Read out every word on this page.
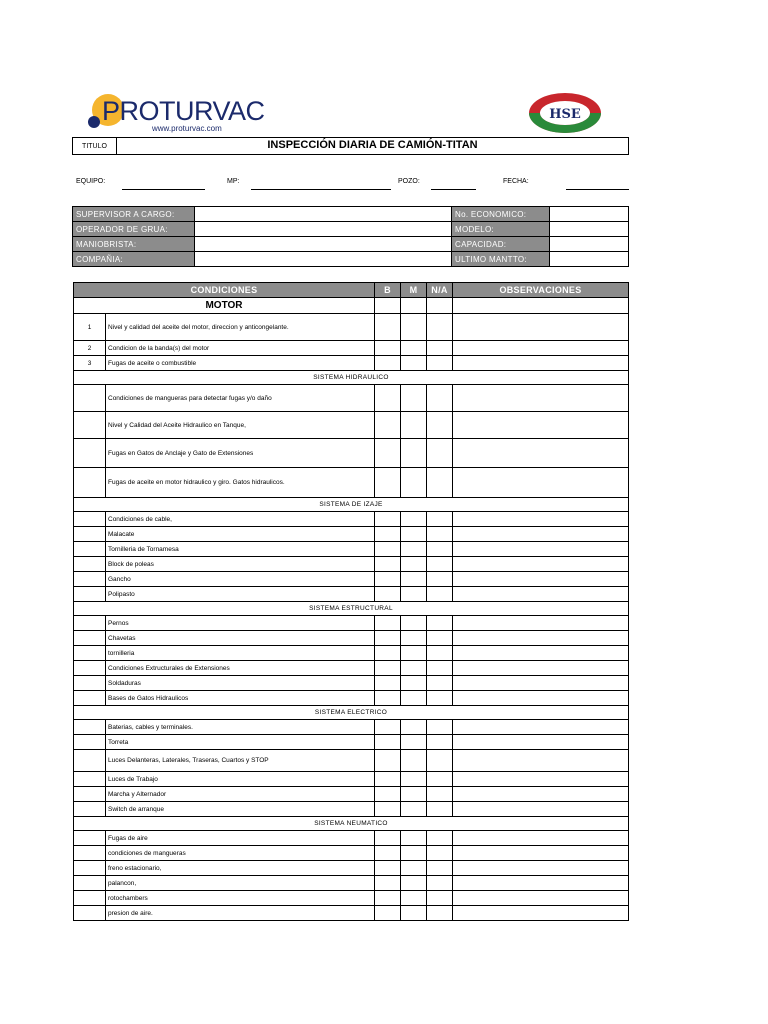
PROTURVAC
www.proturvac.com
HSE
TITULO	INSPECCIÓN DIARIA DE CAMIÓN-TITAN
EQUIPO:	MP:	POZO:	FECHA:
SUPERVISOR A CARGO:		No. ECONOMICO:	
OPERADOR DE GRUA:		MODELO:	
MANIOBRISTA:		CAPACIDAD:	
COMPAÑIA:		ULTIMO MANTTO:	
CONDICIONES		B	M	N/A	OBSERVACIONES
MOTOR					
1	Nivel y calidad del aceite del motor, direccion y anticongelante.				
2	Condicion de la banda(s) del motor				
3	Fugas de aceite o combustible				
SISTEMA HIDRAULICO					
	Condiciones de mangueras para detectar fugas y/o daño				
	Nivel y Calidad del Aceite Hidraulico en Tanque,				
	Fugas en Gatos de Anclaje y Gato de Extensiones				
	Fugas de aceite en motor hidraulico y giro. Gatos hidraulicos.				
SISTEMA DE IZAJE					
	Condiciones de cable,				
	Malacate				
	Tornilleria de Tornamesa				
	Block de poleas				
	Gancho				
	Polipasto				
SISTEMA ESTRUCTURAL					
	Pernos				
	Chavetas				
	tornilleria				
	Condiciones Extructurales de Extensiones				
	Soldaduras				
	Bases de Gatos Hidraulicos				
SISTEMA ELECTRICO					
	Baterias, cables y terminales.				
	Torreta				
	Luces Delanteras, Laterales, Traseras, Cuartos y STOP				
	Luces de Trabajo				
	Marcha y Alternador				
	Switch de arranque				
SISTEMA NEUMATICO					
	Fugas de aire				
	condiciones de mangueras				
	freno estacionario,				
	palancon,				
	rotochambers				
	presion de aire.				
